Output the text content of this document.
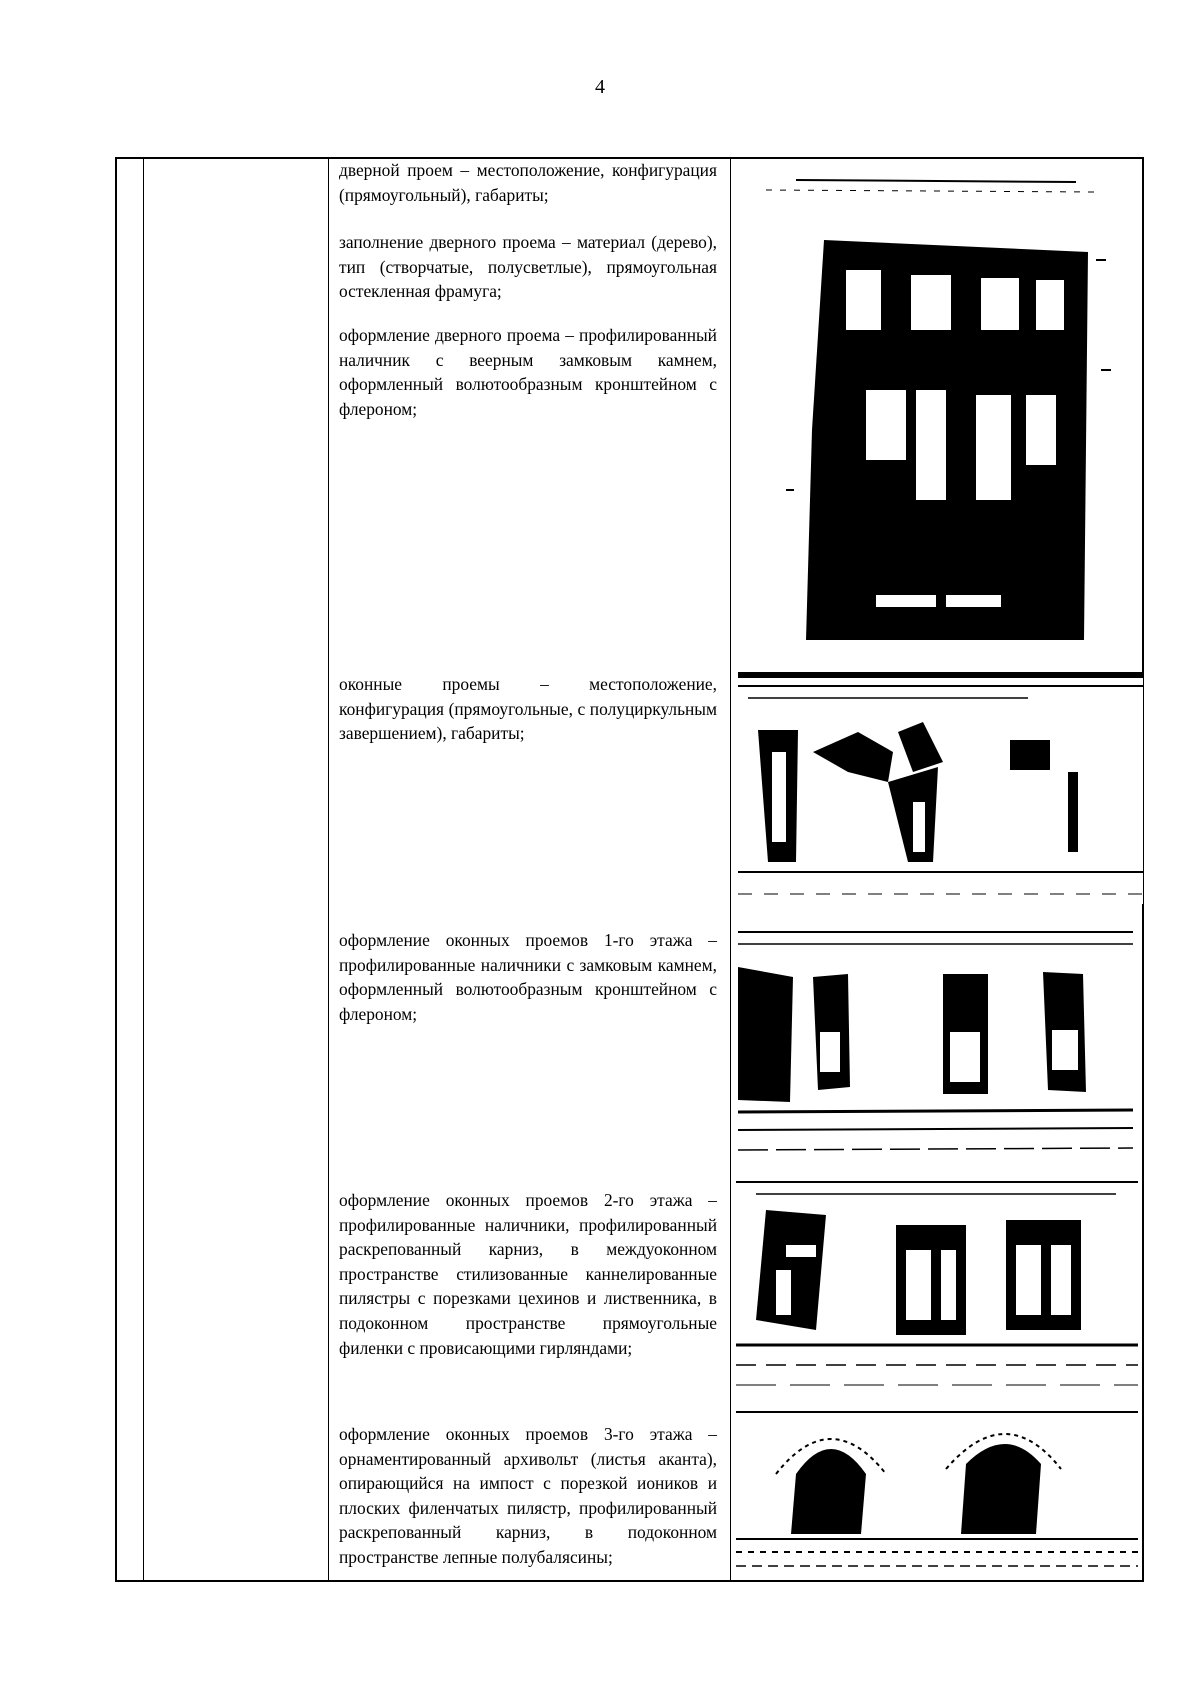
4

дверной проем – местоположение, конфигурация (прямоугольный), габариты;

заполнение дверного проема – материал (дерево), тип (створчатые, полусветлые), прямоугольная остекленная фрамуга;

оформление дверного проема – профилированный наличник с веерным замковым камнем, оформленный волютообразным кронштейном с флероном;

оконные проемы – местоположение, конфигурация (прямоугольные, с полуциркульным завершением), габариты;

оформление оконных проемов 1-го этажа – профилированные наличники с замковым камнем, оформленный волютообразным кронштейном с флероном;

оформление оконных проемов 2-го этажа – профилированные наличники, профилированный раскрепованный карниз, в междуоконном пространстве стилизованные каннелированные пилястры с порезками цехинов и лиственника, в подоконном пространстве прямоугольные филенки с провисающими гирляндами;

оформление оконных проемов 3-го этажа – орнаментированный архивольт (листья аканта), опирающийся на импост с порезкой иоников и плоских филенчатых пилястр, профилированный раскрепованный карниз, в подоконном пространстве лепные полубалясины;
